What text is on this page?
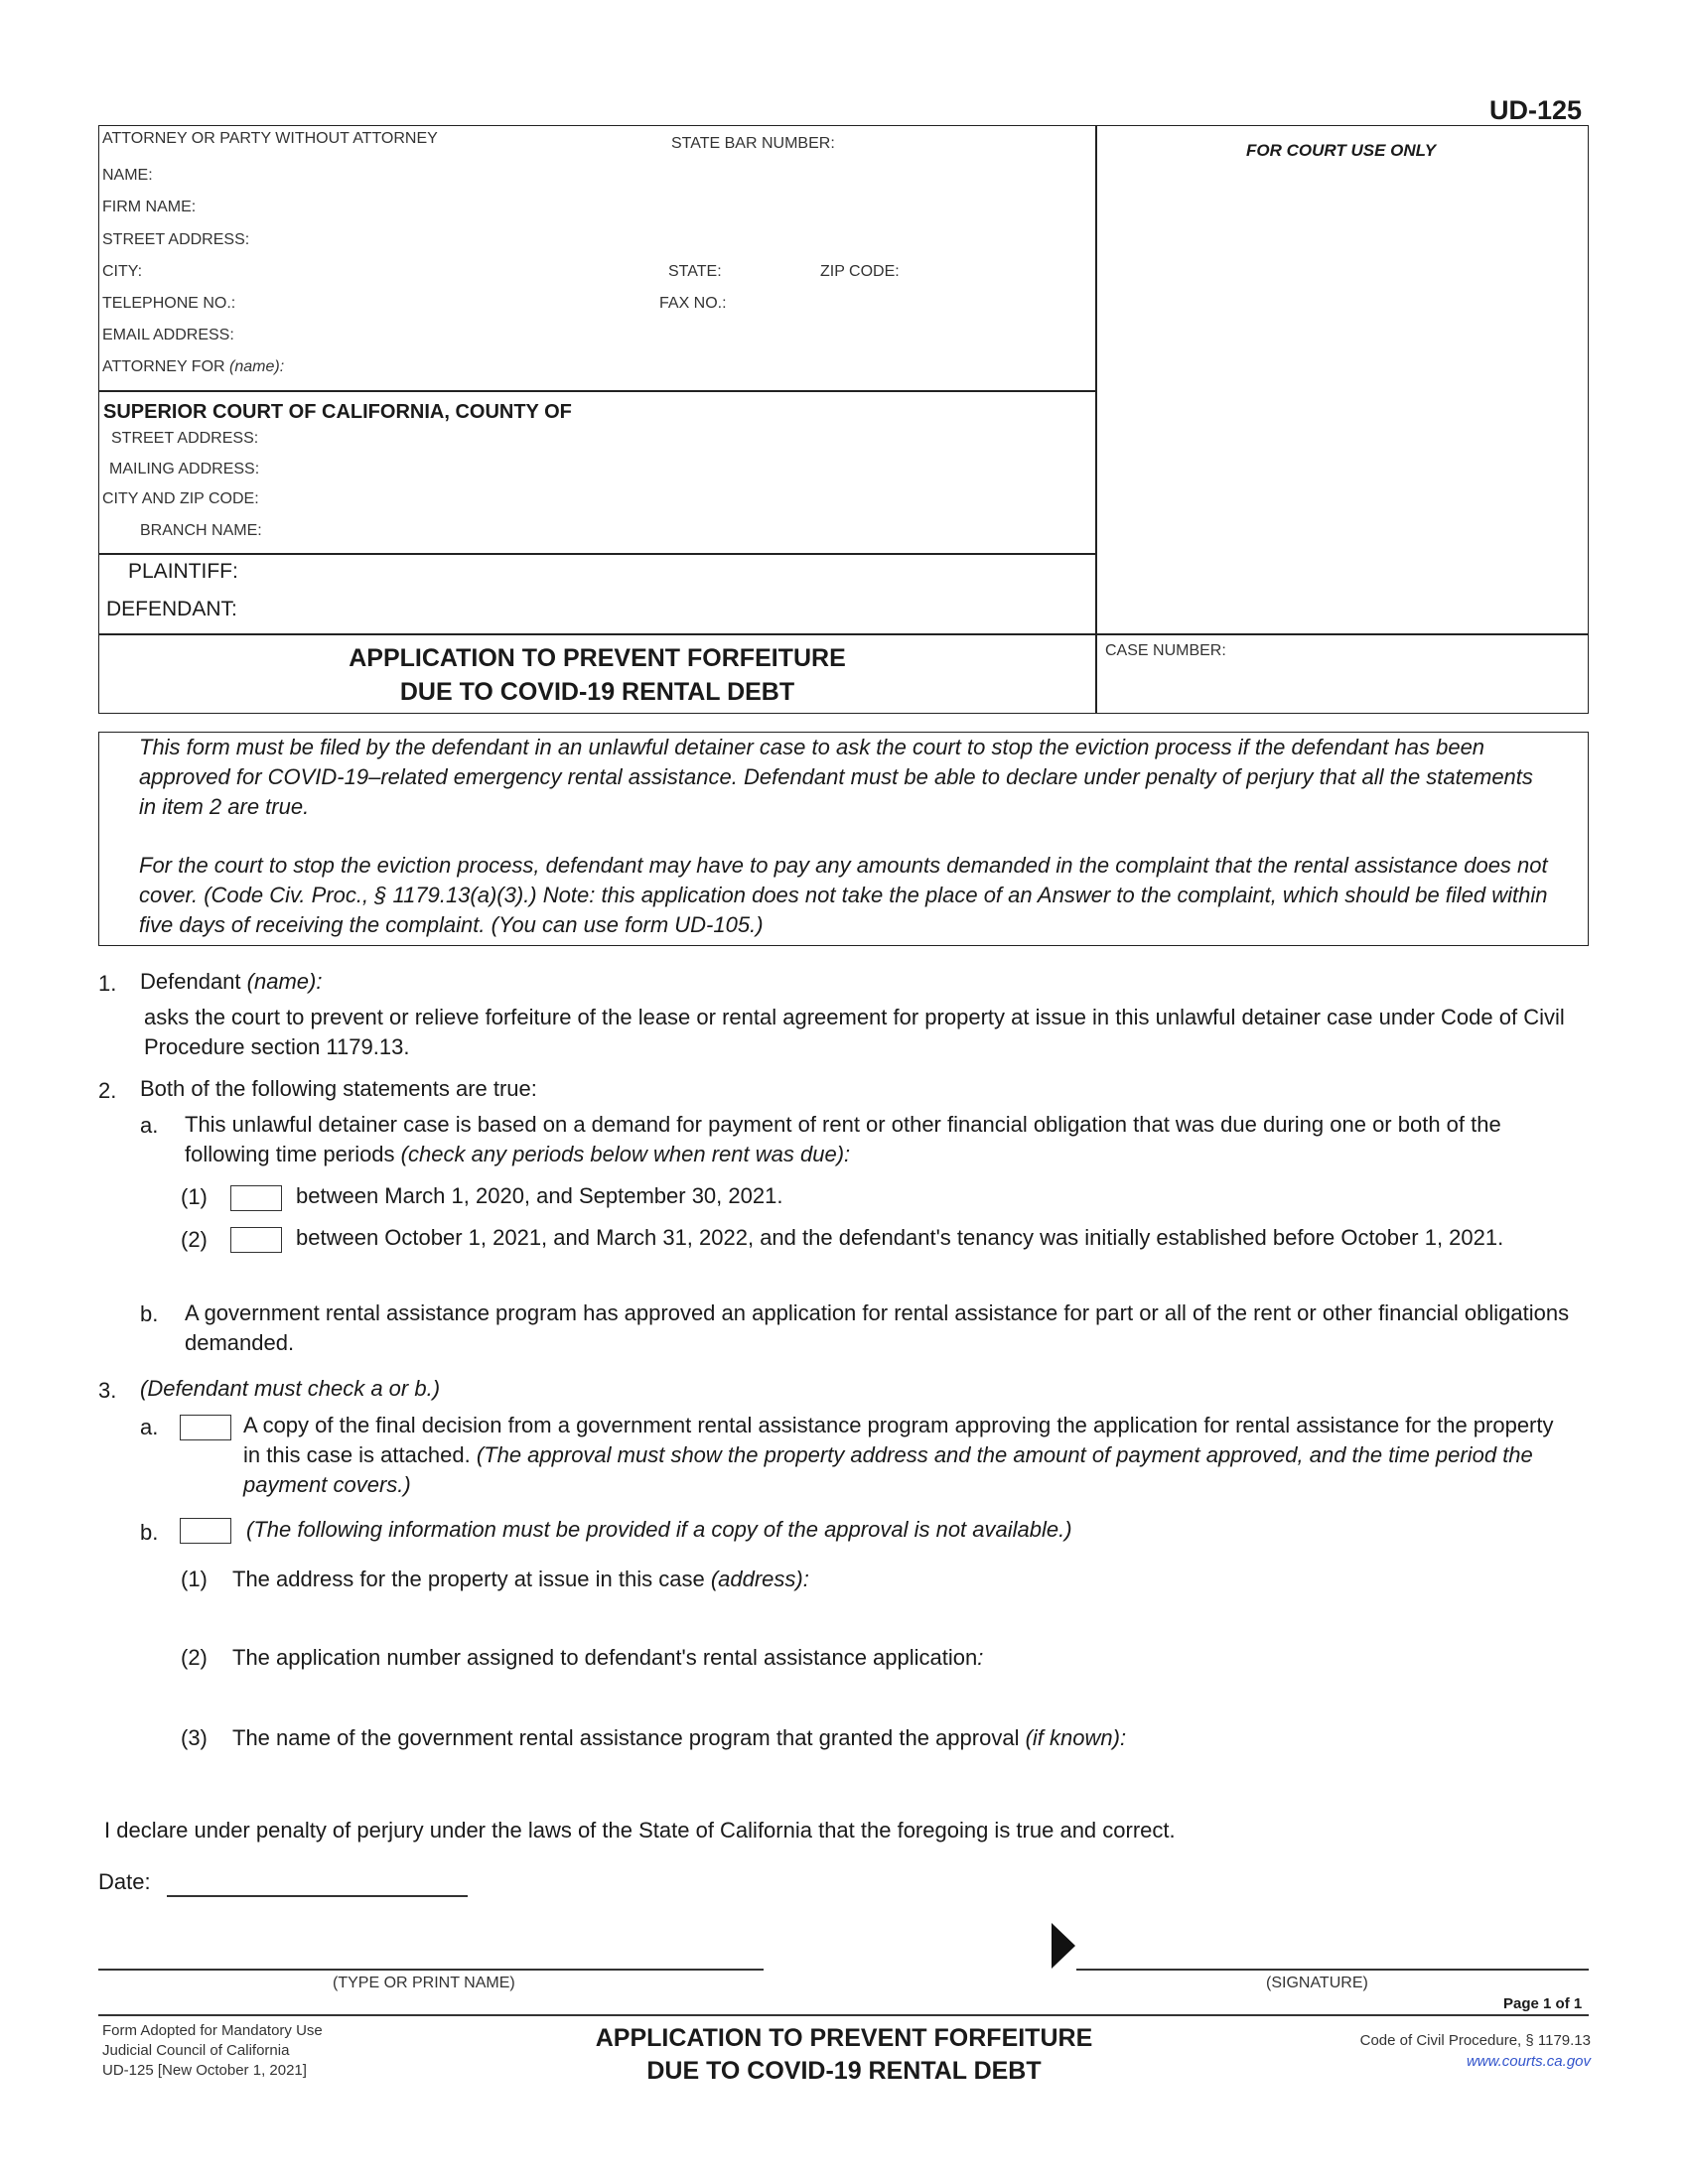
UD-125
ATTORNEY OR PARTY WITHOUT ATTORNEY	STATE BAR NUMBER:	FOR COURT USE ONLY
NAME:
FIRM NAME:
STREET ADDRESS:
CITY:	STATE:	ZIP CODE:
TELEPHONE NO.:	FAX NO.:
EMAIL ADDRESS:
ATTORNEY FOR (name):
SUPERIOR COURT OF CALIFORNIA, COUNTY OF
STREET ADDRESS:
MAILING ADDRESS:
CITY AND ZIP CODE:
BRANCH NAME:
PLAINTIFF:
DEFENDANT:
APPLICATION TO PREVENT FORFEITURE
DUE TO COVID-19 RENTAL DEBT
CASE NUMBER:

This form must be filed by the defendant in an unlawful detainer case to ask the court to stop the eviction process if the defendant has been approved for COVID-19–related emergency rental assistance. Defendant must be able to declare under penalty of perjury that all the statements in item 2 are true.

For the court to stop the eviction process, defendant may have to pay any amounts demanded in the complaint that the rental assistance does not cover. (Code Civ. Proc., § 1179.13(a)(3).) Note: this application does not take the place of an Answer to the complaint, which should be filed within five days of receiving the complaint. (You can use form UD-105.)

1. Defendant (name):
asks the court to prevent or relieve forfeiture of the lease or rental agreement for property at issue in this unlawful detainer case under Code of Civil Procedure section 1179.13.
2. Both of the following statements are true:
a. This unlawful detainer case is based on a demand for payment of rent or other financial obligation that was due during one or both of the following time periods (check any periods below when rent was due):
(1)	between March 1, 2020, and September 30, 2021.
(2)	between October 1, 2021, and March 31, 2022, and the defendant's tenancy was initially established before October 1, 2021.
b. A government rental assistance program has approved an application for rental assistance for part or all of the rent or other financial obligations demanded.
3. (Defendant must check a or b.)
a.	A copy of the final decision from a government rental assistance program approving the application for rental assistance for the property in this case is attached. (The approval must show the property address and the amount of payment approved, and the time period the payment covers.)
b.	(The following information must be provided if a copy of the approval is not available.)
(1) The address for the property at issue in this case (address):
(2) The application number assigned to defendant's rental assistance application:
(3) The name of the government rental assistance program that granted the approval (if known):
I declare under penalty of perjury under the laws of the State of California that the foregoing is true and correct.
Date:
(TYPE OR PRINT NAME)	(SIGNATURE)
Page 1 of 1
Form Adopted for Mandatory Use
Judicial Council of California
UD-125 [New October 1, 2021]
APPLICATION TO PREVENT FORFEITURE
DUE TO COVID-19 RENTAL DEBT
Code of Civil Procedure, § 1179.13
www.courts.ca.gov
